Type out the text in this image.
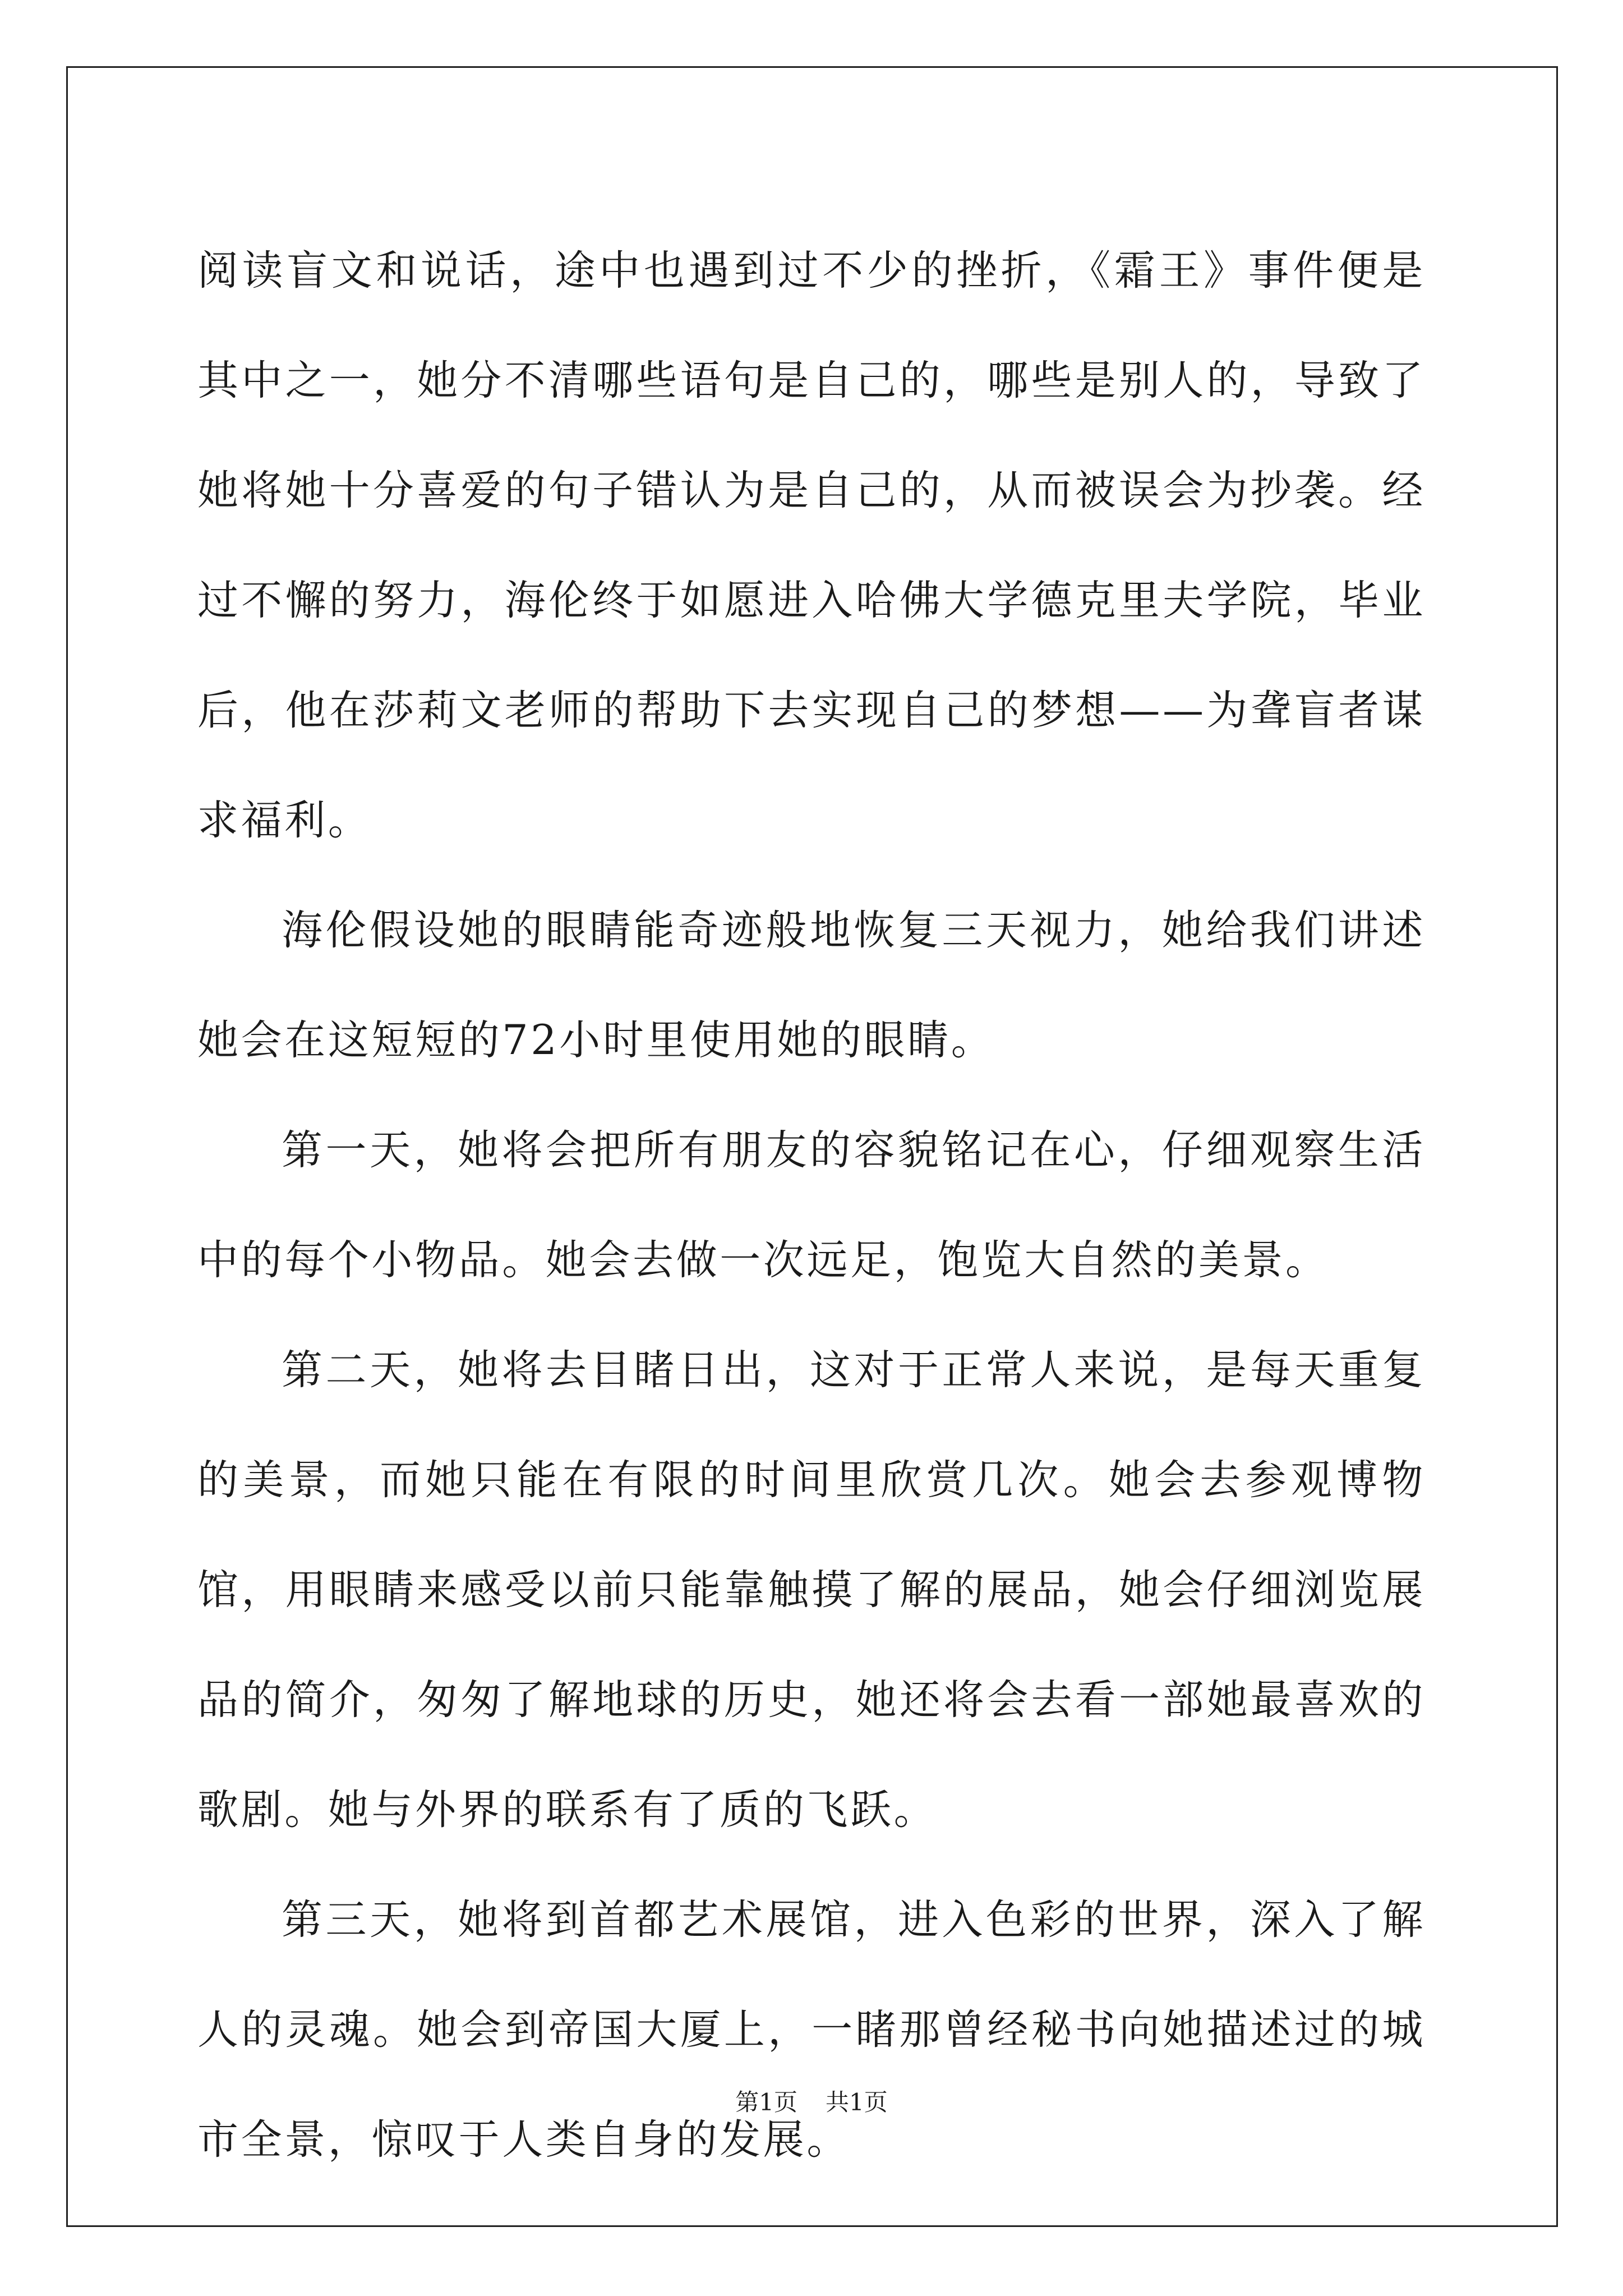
阅读盲文和说话，途中也遇到过不少的挫折，《霜王》事件便是其中之一，她分不清哪些语句是自己的，哪些是别人的，导致了她将她十分喜爱的句子错认为是自己的，从而被误会为抄袭。经过不懈的努力，海伦终于如愿进入哈佛大学德克里夫学院，毕业后，他在莎莉文老师的帮助下去实现自己的梦想——为聋盲者谋求福利。

海伦假设她的眼睛能奇迹般地恢复三天视力，她给我们讲述她会在这短短的72小时里使用她的眼睛。

第一天，她将会把所有朋友的容貌铭记在心，仔细观察生活中的每个小物品。她会去做一次远足，饱览大自然的美景。

第二天，她将去目睹日出，这对于正常人来说，是每天重复的美景，而她只能在有限的时间里欣赏几次。她会去参观博物馆，用眼睛来感受以前只能靠触摸了解的展品，她会仔细浏览展品的简介，匆匆了解地球的历史，她还将会去看一部她最喜欢的歌剧。她与外界的联系有了质的飞跃。

第三天，她将到首都艺术展馆，进入色彩的世界，深入了解人的灵魂。她会到帝国大厦上，一睹那曾经秘书向她描述过的城市全景，惊叹于人类自身的发展。

第1页 共1页
